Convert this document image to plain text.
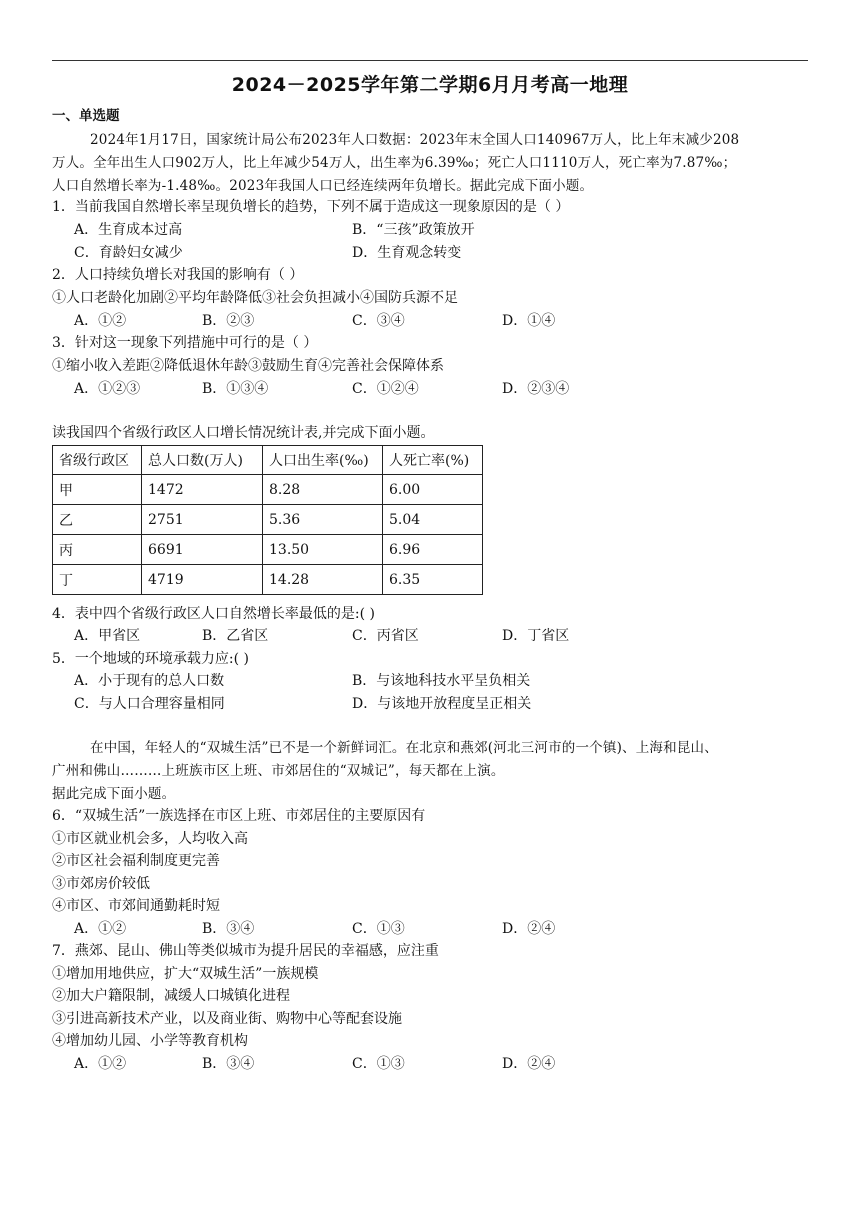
2024－2025学年第二学期6月月考高一地理
一、单选题
2024年1月17日，国家统计局公布2023年人口数据：2023年末全国人口140967万人，比上年末减少208
万人。全年出生人口902万人，比上年减少54万人，出生率为6.39‰；死亡人口1110万人，死亡率为7.87‰；
人口自然增长率为-1.48‰。2023年我国人口已经连续两年负增长。据此完成下面小题。
1．当前我国自然增长率呈现负增长的趋势，下列不属于造成这一现象原因的是（ ）
A．生育成本过高	B．“三孩”政策放开
C．育龄妇女减少	D．生育观念转变
2．人口持续负增长对我国的影响有（ ）
①人口老龄化加剧②平均年龄降低③社会负担减小④国防兵源不足
A．①②	B．②③	C．③④	D．①④
3．针对这一现象下列措施中可行的是（ ）
①缩小收入差距②降低退休年龄③鼓励生育④完善社会保障体系
A．①②③	B．①③④	C．①②④	D．②③④
读我国四个省级行政区人口增长情况统计表,并完成下面小题。
省级行政区	总人口数(万人)	人口出生率(‰)	人死亡率(%)
甲	1472	8.28	6.00
乙	2751	5.36	5.04
丙	6691	13.50	6.96
丁	4719	14.28	6.35
4．表中四个省级行政区人口自然增长率最低的是:( )
A．甲省区	B．乙省区	C．丙省区	D．丁省区
5．一个地域的环境承载力应:( )
A．小于现有的总人口数	B．与该地科技水平呈负相关
C．与人口合理容量相同	D．与该地开放程度呈正相关
在中国，年轻人的“双城生活”已不是一个新鲜词汇。在北京和燕郊(河北三河市的一个镇)、上海和昆山、
广州和佛山………上班族市区上班、市郊居住的“双城记”，每天都在上演。
据此完成下面小题。
6．“双城生活”一族选择在市区上班、市郊居住的主要原因有
①市区就业机会多，人均收入高
②市区社会福利制度更完善
③市郊房价较低
④市区、市郊间通勤耗时短
A．①②	B．③④	C．①③	D．②④
7．燕郊、昆山、佛山等类似城市为提升居民的幸福感，应注重
①增加用地供应，扩大“双城生活”一族规模
②加大户籍限制，减缓人口城镇化进程
③引进高新技术产业，以及商业街、购物中心等配套设施
④增加幼儿园、小学等教育机构
A．①②	B．③④	C．①③	D．②④
